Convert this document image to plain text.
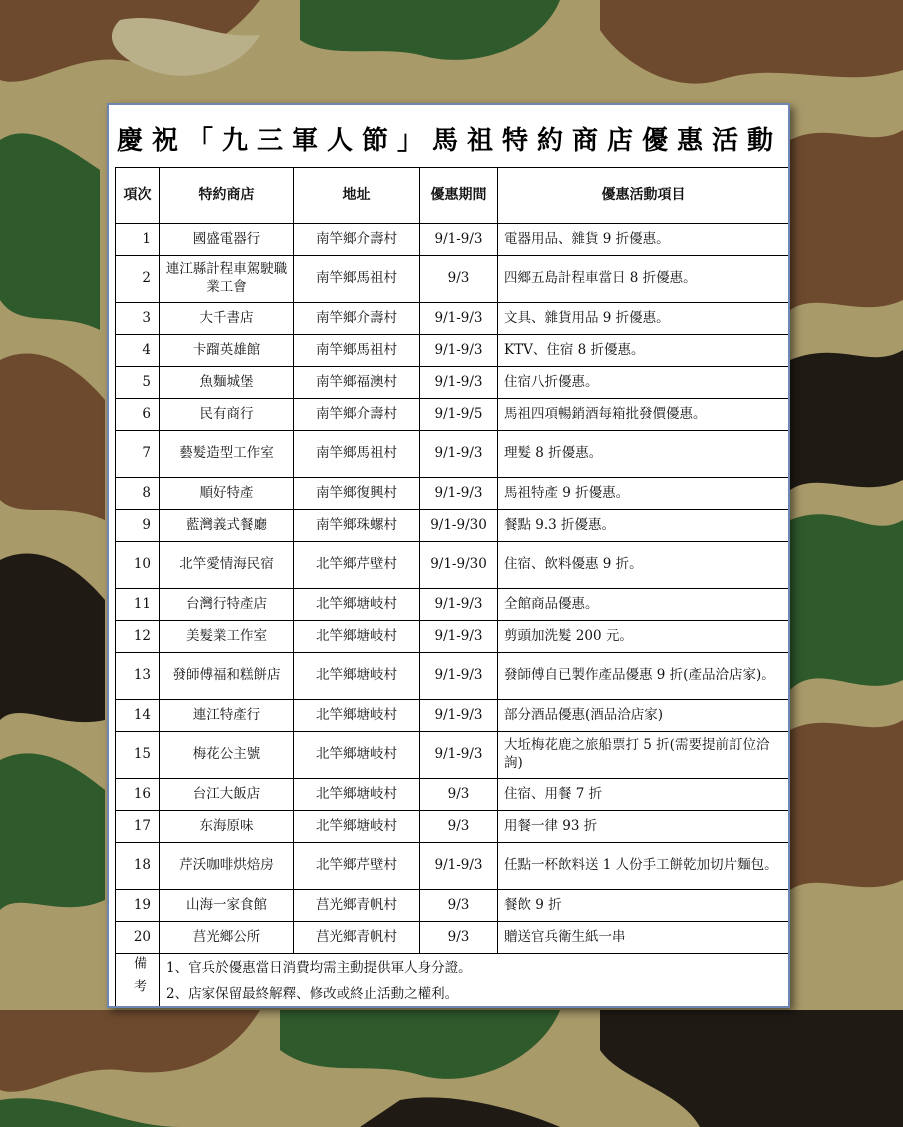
慶祝「九三軍人節」馬祖特約商店優惠活動
項次	特約商店	地址	優惠期間	優惠活動項目
1	國盛電器行	南竿鄉介壽村	9/1-9/3	電器用品、雜貨 9 折優惠。
2	連江縣計程車駕駛職業工會	南竿鄉馬祖村	9/3	四鄉五島計程車當日 8 折優惠。
3	大千書店	南竿鄉介壽村	9/1-9/3	文具、雜貨用品 9 折優惠。
4	卡蹓英雄館	南竿鄉馬祖村	9/1-9/3	KTV、住宿 8 折優惠。
5	魚麵城堡	南竿鄉福澳村	9/1-9/3	住宿八折優惠。
6	民有商行	南竿鄉介壽村	9/1-9/5	馬祖四項暢銷酒每箱批發價優惠。
7	藝髮造型工作室	南竿鄉馬祖村	9/1-9/3	理髮 8 折優惠。
8	順好特產	南竿鄉復興村	9/1-9/3	馬祖特產 9 折優惠。
9	藍灣義式餐廳	南竿鄉珠螺村	9/1-9/30	餐點 9.3 折優惠。
10	北竿愛情海民宿	北竿鄉芹壁村	9/1-9/30	住宿、飲料優惠 9 折。
11	台灣行特產店	北竿鄉塘岐村	9/1-9/3	全館商品優惠。
12	美髮業工作室	北竿鄉塘岐村	9/1-9/3	剪頭加洗髮 200 元。
13	發師傅福和糕餅店	北竿鄉塘岐村	9/1-9/3	發師傅自已製作產品優惠 9 折(產品洽店家)。
14	連江特產行	北竿鄉塘岐村	9/1-9/3	部分酒品優惠(酒品洽店家)
15	梅花公主號	北竿鄉塘岐村	9/1-9/3	大坵梅花鹿之旅船票打 5 折(需要提前訂位洽詢)
16	台江大飯店	北竿鄉塘岐村	9/3	住宿、用餐 7 折
17	东海原味	北竿鄉塘岐村	9/3	用餐一律 93 折
18	芹沃咖啡烘焙房	北竿鄉芹壁村	9/1-9/3	任點一杯飲料送 1 人份手工餅乾加切片麵包。
19	山海一家食館	莒光鄉青帆村	9/3	餐飲 9 折
20	莒光鄉公所	莒光鄉青帆村	9/3	贈送官兵衛生紙一串
備考	1、官兵於優惠當日消費均需主動提供軍人身分證。
2、店家保留最終解釋、修改或終止活動之權利。			
